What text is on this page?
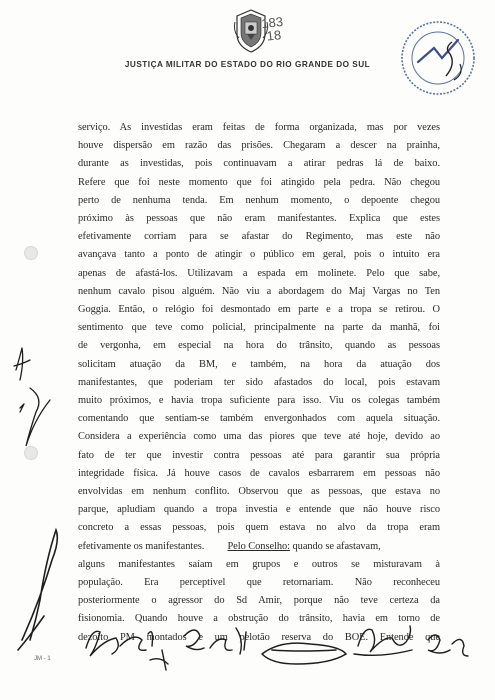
183
18
JUSTIÇA MILITAR DO ESTADO DO RIO GRANDE DO SUL
serviço. As investidas eram feitas de forma organizada, mas por vezes
houve dispersão em razão das prisões. Chegaram a descer na prainha,
durante as investidas, pois continuavam a atirar pedras lá de baixo.
Refere que foi neste momento que foi atingido pela pedra. Não chegou
perto de nenhuma tenda. Em nenhum momento, o depoente chegou
próximo às pessoas que não eram manifestantes. Explica que estes
efetivamente corriam para se afastar do Regimento, mas este não
avançava tanto a ponto de atingir o público em geral, pois o intuito era
apenas de afastá-los. Utilizavam a espada em molinete. Pelo que sabe,
nenhum cavalo pisou alguém. Não viu a abordagem do Maj Vargas no Ten
Goggia. Então, o relógio foi desmontado em parte e a tropa se retirou. O
sentimento que teve como policial, principalmente na parte da manhã, foi
de vergonha, em especial na hora do trânsito, quando as pessoas
solicitam atuação da BM, e também, na hora da atuação dos
manifestantes, que poderiam ter sido afastados do local, pois estavam
muito próximos, e havia tropa suficiente para isso. Viu os colegas também
comentando que sentiam-se também envergonhados com aquela situação.
Considera a experiência como uma das piores que teve até hoje, devido ao
fato de ter que investir contra pessoas até para garantir sua própria
integridade física. Já houve casos de cavalos esbarrarem em pessoas não
envolvidas em nenhum conflito. Observou que as pessoas, que estava no
parque, apludiam quando a tropa investia e entende que não houve risco
concreto a essas pessoas, pois quem estava no alvo da tropa eram
efetivamente os manifestantes. Pelo Conselho: quando se afastavam,
alguns manifestantes saíam em grupos e outros se misturavam à
população. Era perceptível que retornariam. Não reconheceu
posteriormente o agressor do Sd Amir, porque não teve certeza da
fisionomia. Quando houve a obstrução do trânsito, havia em torno de
dezoito PM montados e um pelotão reserva do BOE. Entende que
JM - 1
